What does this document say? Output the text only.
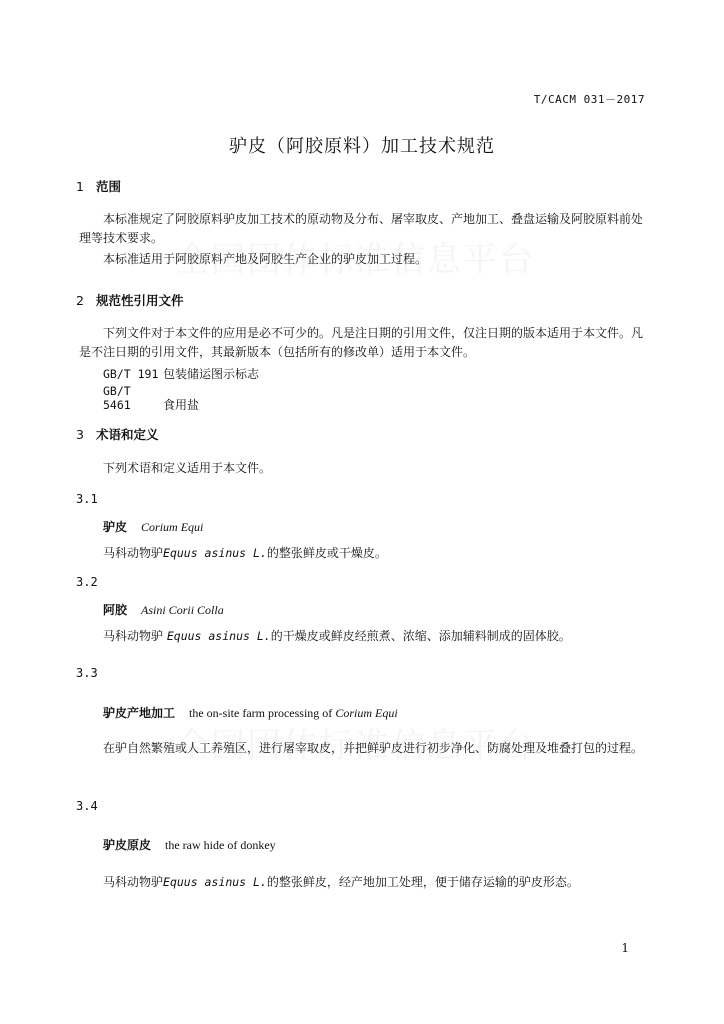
T/CACM 031－2017
驴皮（阿胶原料）加工技术规范
1 范围
本标准规定了阿胶原料驴皮加工技术的原动物及分布、屠宰取皮、产地加工、叠盘运输及阿胶原料前处理等技术要求。
本标准适用于阿胶原料产地及阿胶生产企业的驴皮加工过程。
2 规范性引用文件
下列文件对于本文件的应用是必不可少的。凡是注日期的引用文件，仅注日期的版本适用于本文件。凡是不注日期的引用文件，其最新版本（包括所有的修改单）适用于本文件。
GB/T 191 包装储运图示标志
GB/T 5461	食用盐
3 术语和定义
下列术语和定义适用于本文件。
3.1
驴皮 Corium Equi
马科动物驴Equus asinus L.的整张鲜皮或干燥皮。
3.2
阿胶 Asini Corii Colla
马科动物驴 Equus asinus L.的干燥皮或鲜皮经煎煮、浓缩、添加辅料制成的固体胶。
3.3
驴皮产地加工 the on-site farm processing of Corium Equi
在驴自然繁殖或人工养殖区，进行屠宰取皮，并把鲜驴皮进行初步净化、防腐处理及堆叠打包的过程。
3.4
驴皮原皮 the raw hide of donkey
马科动物驴Equus asinus L.的整张鲜皮，经产地加工处理，便于储存运输的驴皮形态。
1
